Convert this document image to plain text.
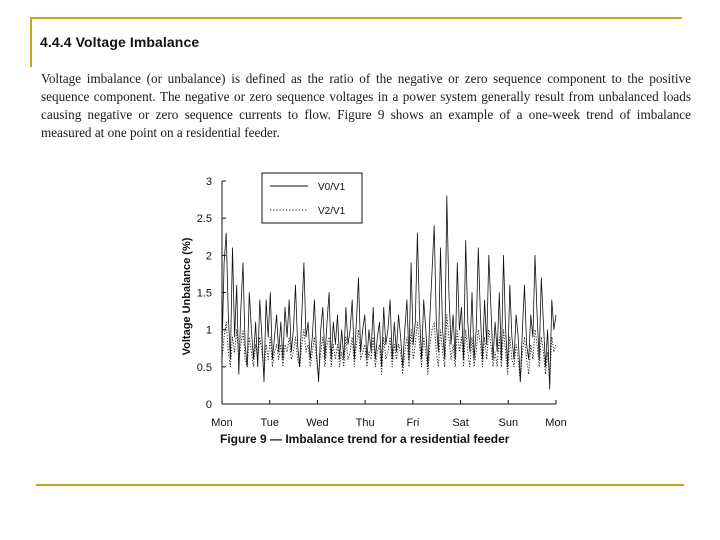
4.4.4 Voltage Imbalance

Voltage imbalance (or unbalance) is defined as the ratio of the negative or zero sequence component to the positive sequence component. The negative or zero sequence voltages in a power system generally result from unbalanced loads causing negative or zero sequence currents to flow. Figure 9 shows an example of a one-week trend of imbalance measured at one point on a residential feeder.

0
0.5
1
1.5
2
2.5
3
Mon	Tue Wed Thu	Fri	Sat	Sun Mon
Voltage Unbalance (%)
V0/V1
V2/V1

Figure 9 — Imbalance trend for a residential feeder
